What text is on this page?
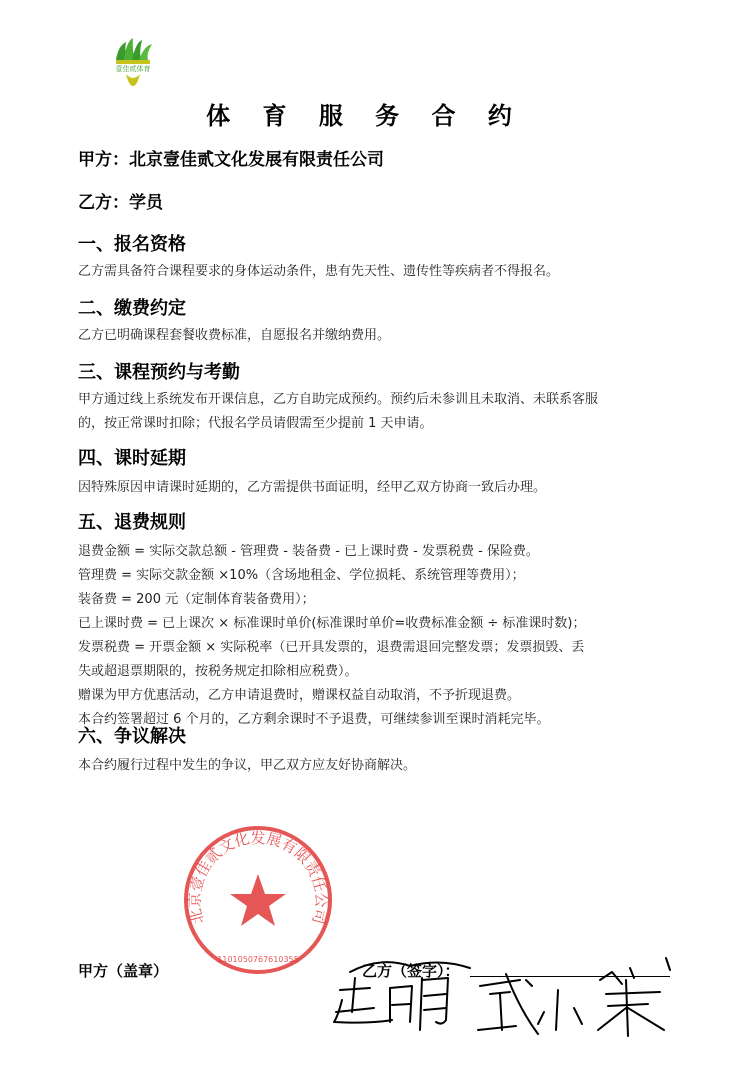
壹佳贰体育
体 育 服 务 合 约
甲方：北京壹佳贰文化发展有限责任公司
乙方：学员
一、报名资格
乙方需具备符合课程要求的身体运动条件，患有先天性、遗传性等疾病者不得报名。
二、缴费约定
乙方已明确课程套餐收费标准，自愿报名并缴纳费用。
三、课程预约与考勤
甲方通过线上系统发布开课信息，乙方自助完成预约。预约后未参训且未取消、未联系客服
的，按正常课时扣除；代报名学员请假需至少提前 1 天申请。
四、课时延期
因特殊原因申请课时延期的，乙方需提供书面证明，经甲乙双方协商一致后办理。
五、退费规则
退费金额 = 实际交款总额 - 管理费 - 装备费 - 已上课时费 - 发票税费 - 保险费。
管理费 = 实际交款金额 ×10%（含场地租金、学位损耗、系统管理等费用）；
装备费 = 200 元（定制体育装备费用）；
已上课时费 = 已上课次 × 标准课时单价(标准课时单价=收费标准金额 ÷ 标准课时数)；
发票税费 = 开票金额 × 实际税率（已开具发票的，退费需退回完整发票；发票损毁、丢
失或超退票期限的，按税务规定扣除相应税费）。
赠课为甲方优惠活动，乙方申请退费时，赠课权益自动取消，不予折现退费。
本合约签署超过 6 个月的，乙方剩余课时不予退费，可继续参训至课时消耗完毕。
六、争议解决
本合约履行过程中发生的争议，甲乙双方应友好协商解决。
北京壹佳贰文化发展有限责任公司
1101050767610355
甲方（盖章）	乙方（签字）：
